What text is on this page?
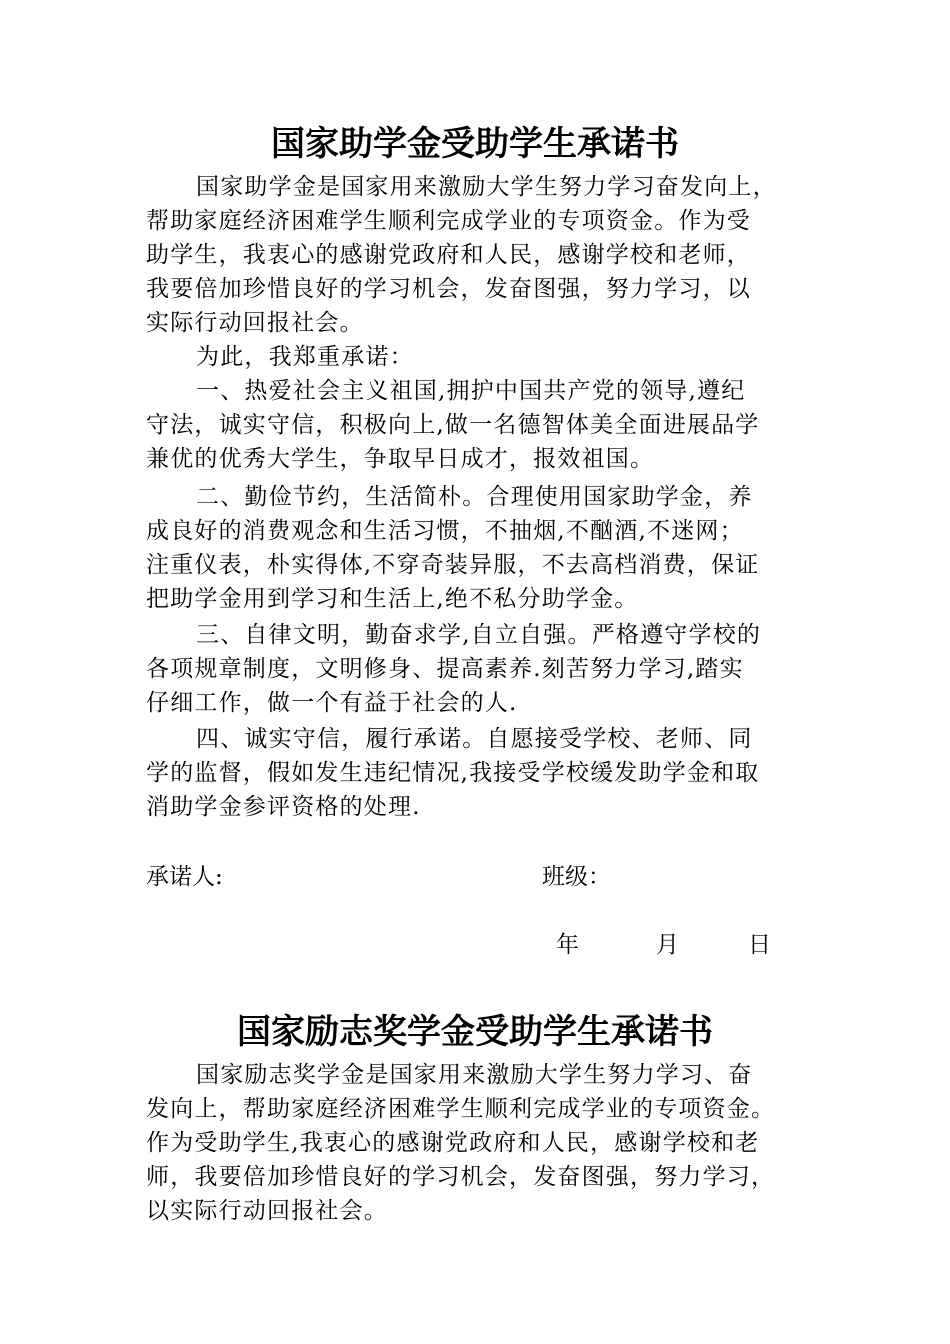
国家助学金受助学生承诺书

国家助学金是国家用来激励大学生努力学习奋发向上，

帮助家庭经济困难学生顺利完成学业的专项资金。作为受

助学生，我衷心的感谢党政府和人民，感谢学校和老师，

我要倍加珍惜良好的学习机会，发奋图强，努力学习，以

实际行动回报社会。

为此，我郑重承诺：

一、热爱社会主义祖国,拥护中国共产党的领导,遵纪

守法，诚实守信，积极向上,做一名德智体美全面进展品学

兼优的优秀大学生，争取早日成才，报效祖国。

二、勤俭节约，生活简朴。合理使用国家助学金，养

成良好的消费观念和生活习惯，不抽烟,不酗酒,不迷网；

注重仪表，朴实得体,不穿奇装异服，不去高档消费，保证

把助学金用到学习和生活上,绝不私分助学金。

三、自律文明，勤奋求学,自立自强。严格遵守学校的

各项规章制度，文明修身、提高素养.刻苦努力学习,踏实

仔细工作，做一个有益于社会的人.

四、诚实守信，履行承诺。自愿接受学校、老师、同

学的监督，假如发生违纪情况,我接受学校缓发助学金和取

消助学金参评资格的处理.

承诺人:	班级：
年	月	日
国家励志奖学金受助学生承诺书

国家励志奖学金是国家用来激励大学生努力学习、奋

发向上，帮助家庭经济困难学生顺利完成学业的专项资金。

作为受助学生,我衷心的感谢党政府和人民，感谢学校和老

师，我要倍加珍惜良好的学习机会，发奋图强，努力学习，

以实际行动回报社会。
